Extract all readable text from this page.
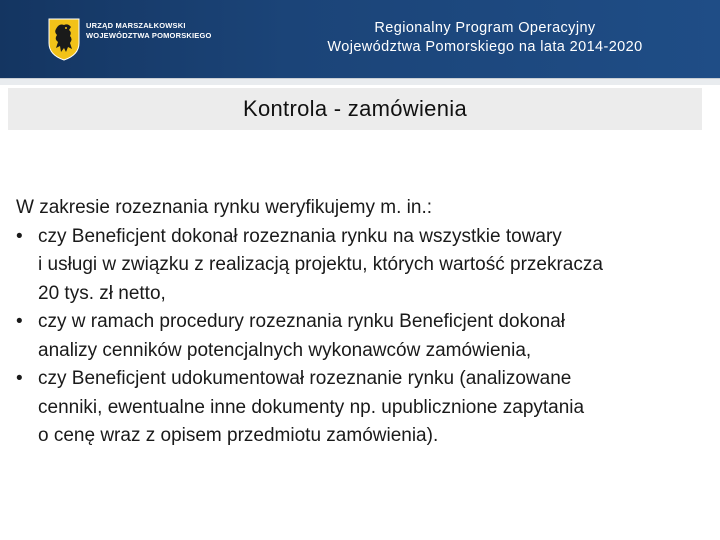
URZĄD MARSZAŁKOWSKI
WOJEWÓDZTWA POMORSKIEGO	Regionalny Program Operacyjny
Województwa Pomorskiego na lata 2014-2020
Kontrola - zamówienia
W zakresie rozeznania rynku weryfikujemy m. in.:
• czy Beneficjent dokonał rozeznania rynku na wszystkie towary
i usługi w związku z realizacją projektu, których wartość przekracza
20 tys. zł netto,
• czy w ramach procedury rozeznania rynku Beneficjent dokonał
analizy cenników potencjalnych wykonawców zamówienia,
• czy Beneficjent udokumentował rozeznanie rynku (analizowane
cenniki, ewentualne inne dokumenty np. upublicznione zapytania
o cenę wraz z opisem przedmiotu zamówienia).
